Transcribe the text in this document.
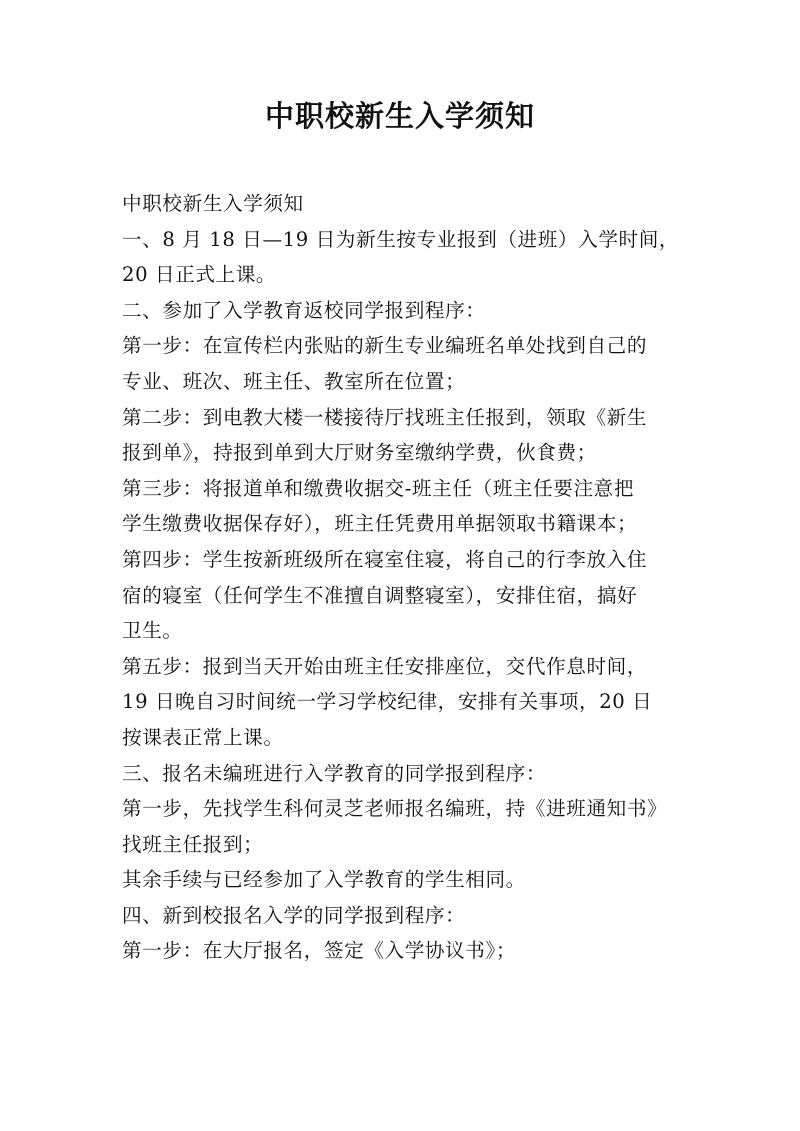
中职校新生入学须知
中职校新生入学须知
一、8 月 18 日—19 日为新生按专业报到（进班）入学时间，
20 日正式上课。
二、参加了入学教育返校同学报到程序：
第一步：在宣传栏内张贴的新生专业编班名单处找到自己的
专业、班次、班主任、教室所在位置；
第二步：到电教大楼一楼接待厅找班主任报到，领取《新生
报到单》，持报到单到大厅财务室缴纳学费，伙食费；
第三步：将报道单和缴费收据交-班主任（班主任要注意把
学生缴费收据保存好），班主任凭费用单据领取书籍课本；
第四步：学生按新班级所在寝室住寝，将自己的行李放入住
宿的寝室（任何学生不准擅自调整寝室），安排住宿，搞好
卫生。
第五步：报到当天开始由班主任安排座位，交代作息时间，
19 日晚自习时间统一学习学校纪律，安排有关事项，20 日
按课表正常上课。
三、报名未编班进行入学教育的同学报到程序：
第一步，先找学生科何灵芝老师报名编班，持《进班通知书》
找班主任报到；
其余手续与已经参加了入学教育的学生相同。
四、新到校报名入学的同学报到程序：
第一步：在大厅报名，签定《入学协议书》；
